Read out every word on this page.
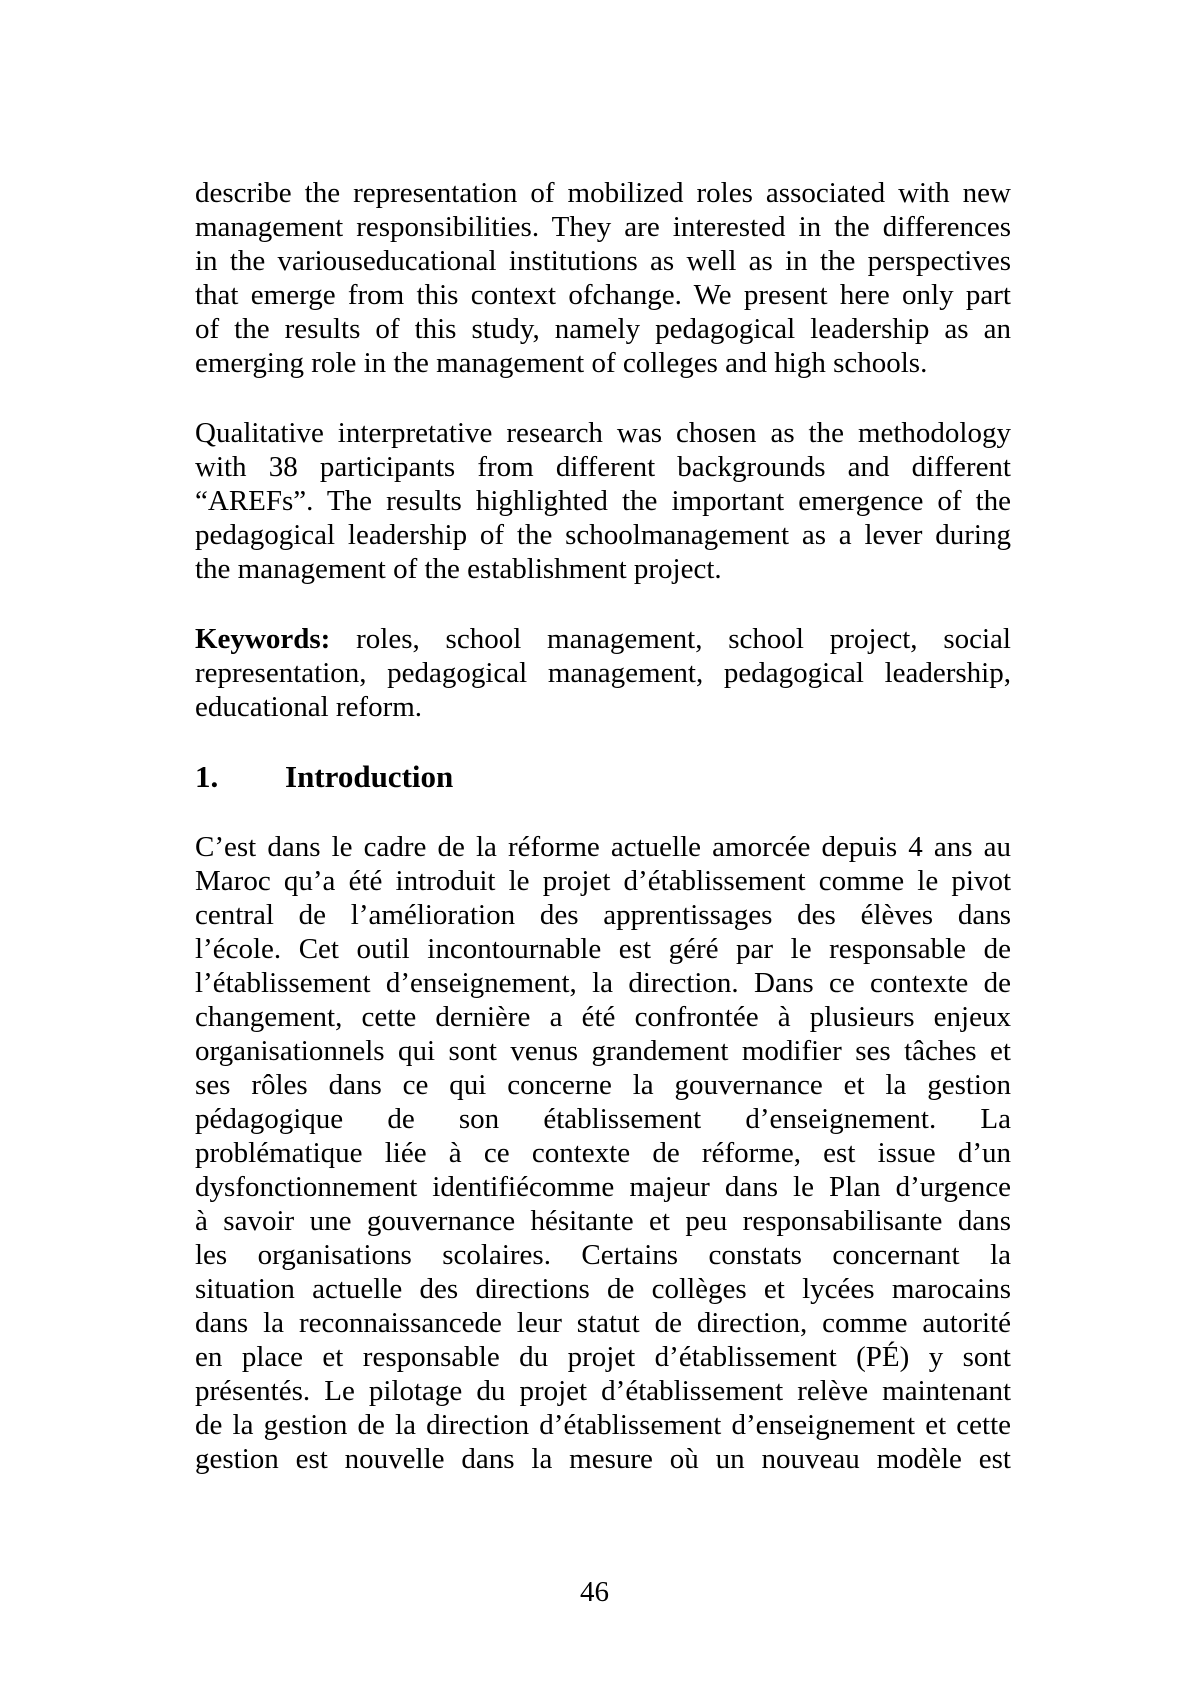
describe the representation of mobilized roles associated with new
management responsibilities. They are interested in the differences
in the variouseducational institutions as well as in the perspectives
that emerge from this context ofchange. We present here only part
of the results of this study, namely pedagogical leadership as an
emerging role in the management of colleges and high schools.
Qualitative interpretative research was chosen as the methodology
with 38 participants from different backgrounds and different
“AREFs”. The results highlighted the important emergence of the
pedagogical leadership of the schoolmanagement as a lever during
the management of the establishment project.
Keywords: roles, school management, school project, social
representation, pedagogical management, pedagogical leadership,
educational reform.
1. Introduction
C’est dans le cadre de la réforme actuelle amorcée depuis 4 ans au
Maroc qu’a été introduit le projet d’établissement comme le pivot
central de l’amélioration des apprentissages des élèves dans
l’école. Cet outil incontournable est géré par le responsable de
l’établissement d’enseignement, la direction. Dans ce contexte de
changement, cette dernière a été confrontée à plusieurs enjeux
organisationnels qui sont venus grandement modifier ses tâches et
ses rôles dans ce qui concerne la gouvernance et la gestion
pédagogique de son établissement d’enseignement. La
problématique liée à ce contexte de réforme, est issue d’un
dysfonctionnement identifiécomme majeur dans le Plan d’urgence
à savoir une gouvernance hésitante et peu responsabilisante dans
les organisations scolaires. Certains constats concernant la
situation actuelle des directions de collèges et lycées marocains
dans la reconnaissancede leur statut de direction, comme autorité
en place et responsable du projet d’établissement (PÉ) y sont
présentés. Le pilotage du projet d’établissement relève maintenant
de la gestion de la direction d’établissement d’enseignement et cette
gestion est nouvelle dans la mesure où un nouveau modèle est
46
